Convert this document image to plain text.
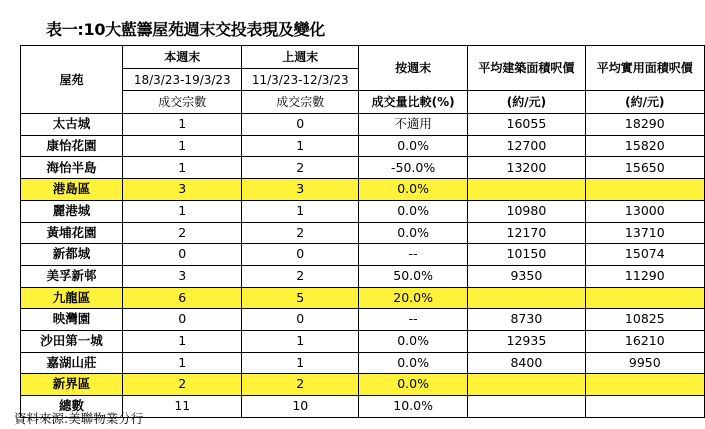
表一:10大藍籌屋苑週末交投表現及變化
屋苑	本週末	上週末	按週末	平均建築面積呎價	平均實用面積呎價
	18/3/23-19/3/23	11/3/23-12/3/23			
	成交宗數	成交宗數	成交量比較(%)	(約/元)	(約/元)
太古城	1	0	不適用	16055	18290
康怡花園	1	1	0.0%	12700	15820
海怡半島	1	2	-50.0%	13200	15650
港島區	3	3	0.0%		
麗港城	1	1	0.0%	10980	13000
黃埔花園	2	2	0.0%	12170	13710
新都城	0	0	--	10150	15074
美孚新邨	3	2	50.0%	9350	11290
九龍區	6	5	20.0%		
映灣園	0	0	--	8730	10825
沙田第一城	1	1	0.0%	12935	16210
嘉湖山莊	1	1	0.0%	8400	9950
新界區	2	2	0.0%		
總數	11	10	10.0%		
資料來源:美聯物業分行
